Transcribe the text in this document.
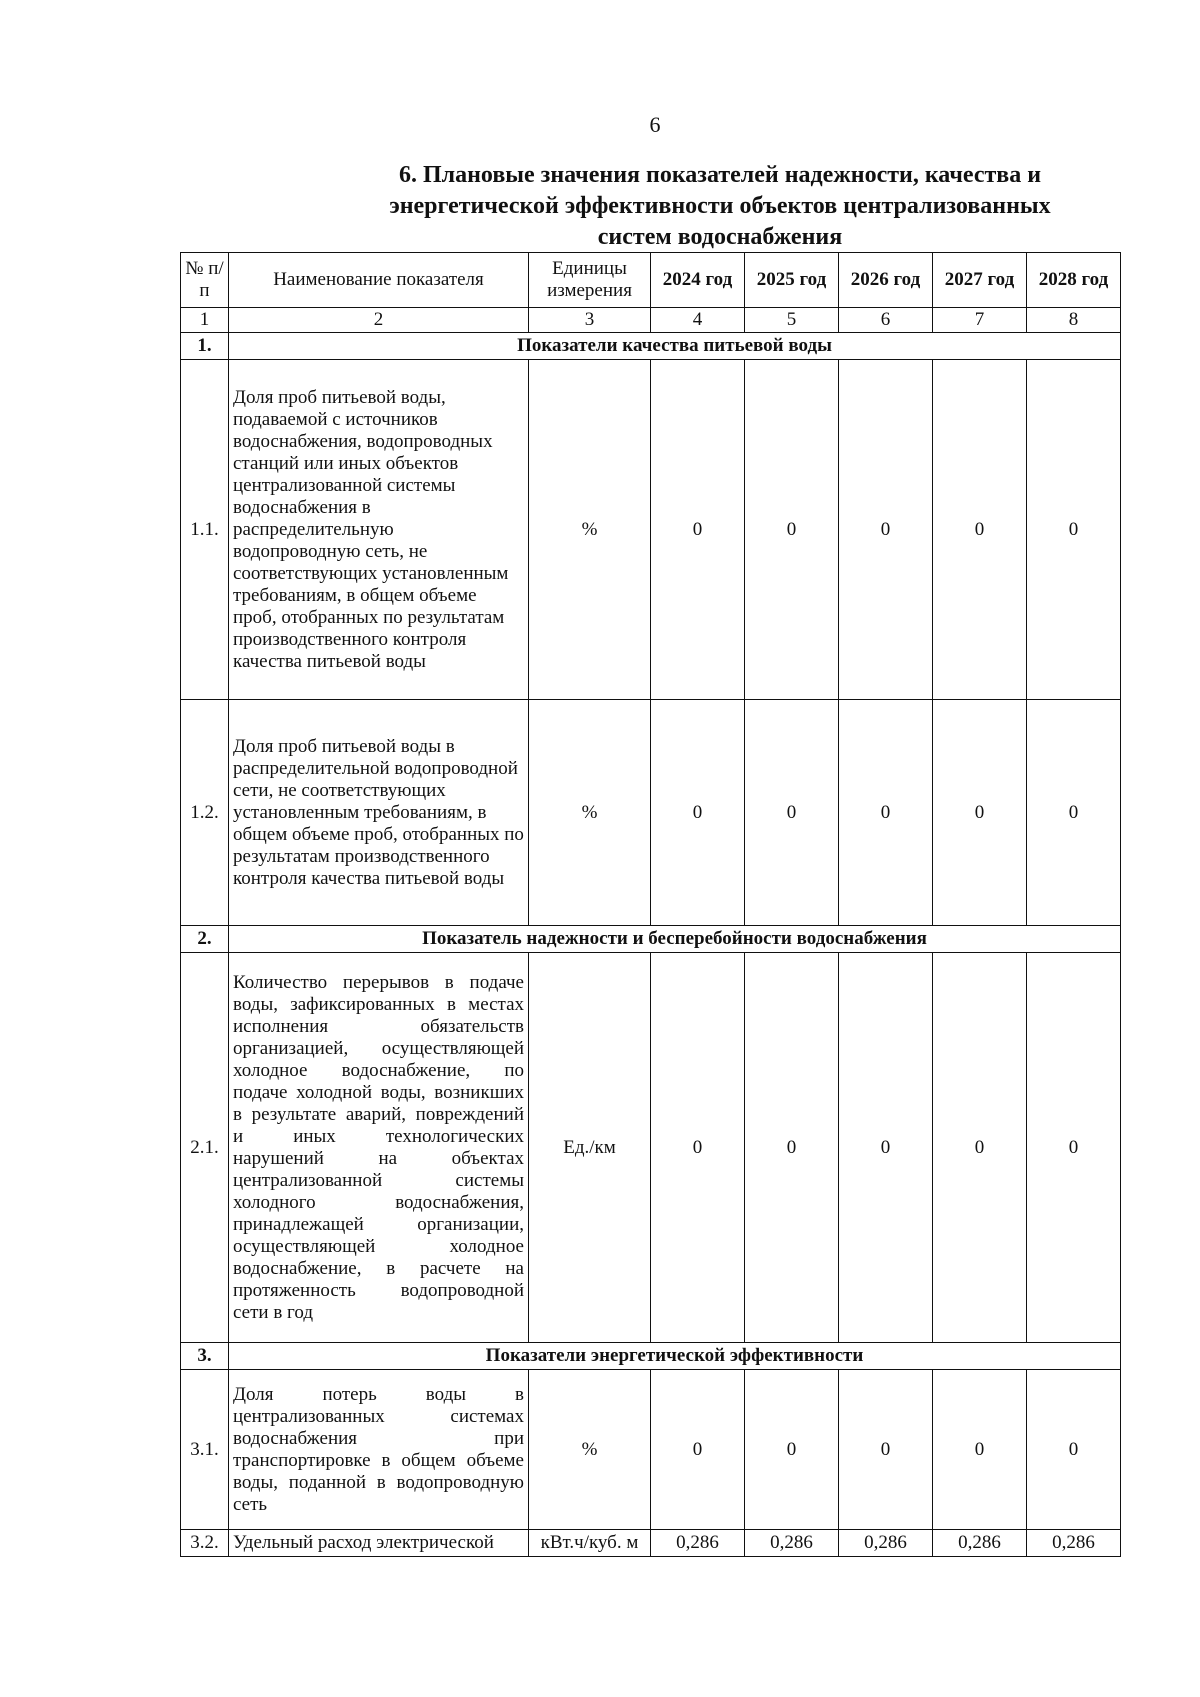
6
6. Плановые значения показателей надежности, качества и
энергетической эффективности объектов централизованных
систем водоснабжения
№ п/п	Наименование показателя	Единицы измерения	2024 год	2025 год	2026 год	2027 год	2028 год
1	2	3	4	5	6	7	8
1.	Показатели качества питьевой воды						
1.1.	Доля проб питьевой воды, подаваемой с источников водоснабжения, водопроводных станций или иных объектов централизованной системы водоснабжения в распределительную водопроводную сеть, не соответствующих установленным требованиям, в общем объеме проб, отобранных по результатам производственного контроля качества питьевой воды	%	0	0	0	0	0
1.2.	Доля проб питьевой воды в распределительной водопроводной сети, не соответствующих установленным требованиям, в общем объеме проб, отобранных по результатам производственного контроля качества питьевой воды	%	0	0	0	0	0
2.	Показатель надежности и бесперебойности водоснабжения						
2.1.	Количество перерывов в подаче воды, зафиксированных в местах исполнения обязательств организацией, осуществляющей холодное водоснабжение, по подаче холодной воды, возникших в результате аварий, повреждений и иных технологических нарушений на объектах централизованной системы холодного водоснабжения, принадлежащей организации, осуществляющей холодное водоснабжение, в расчете на протяженность водопроводной сети в год	Ед./км	0	0	0	0	0
3.	Показатели энергетической эффективности						
3.1.	Доля потерь воды в централизованных системах водоснабжения при транспортировке в общем объеме воды, поданной в водопроводную сеть	%	0	0	0	0	0
3.2.	Удельный расход электрической	кВт.ч/куб. м	0,286	0,286	0,286	0,286	0,286
